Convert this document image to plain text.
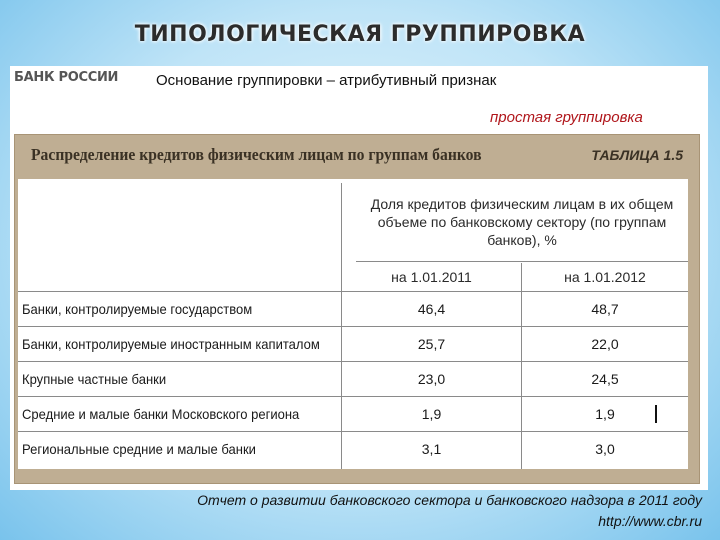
ТИПОЛОГИЧЕСКАЯ ГРУППИРОВКА
БАНК РОССИИ	Основание группировки – атрибутивный признак
простая группировка
Распределение кредитов физическим лицам по группам банков	ТАБЛИЦА 1.5
Доля кредитов физическим лицам в их общем объеме по банковскому сектору (по группам банков), %
на 1.01.2011	на 1.01.2012
Банки, контролируемые государством	46,4	48,7
Банки, контролируемые иностранным капиталом	25,7	22,0
Крупные частные банки	23,0	24,5
Средние и малые банки Московского региона	1,9	1,9
Региональные средние и малые банки	3,1	3,0
Отчет о развитии банковского сектора и банковского надзора в 2011 году
http://www.cbr.ru
